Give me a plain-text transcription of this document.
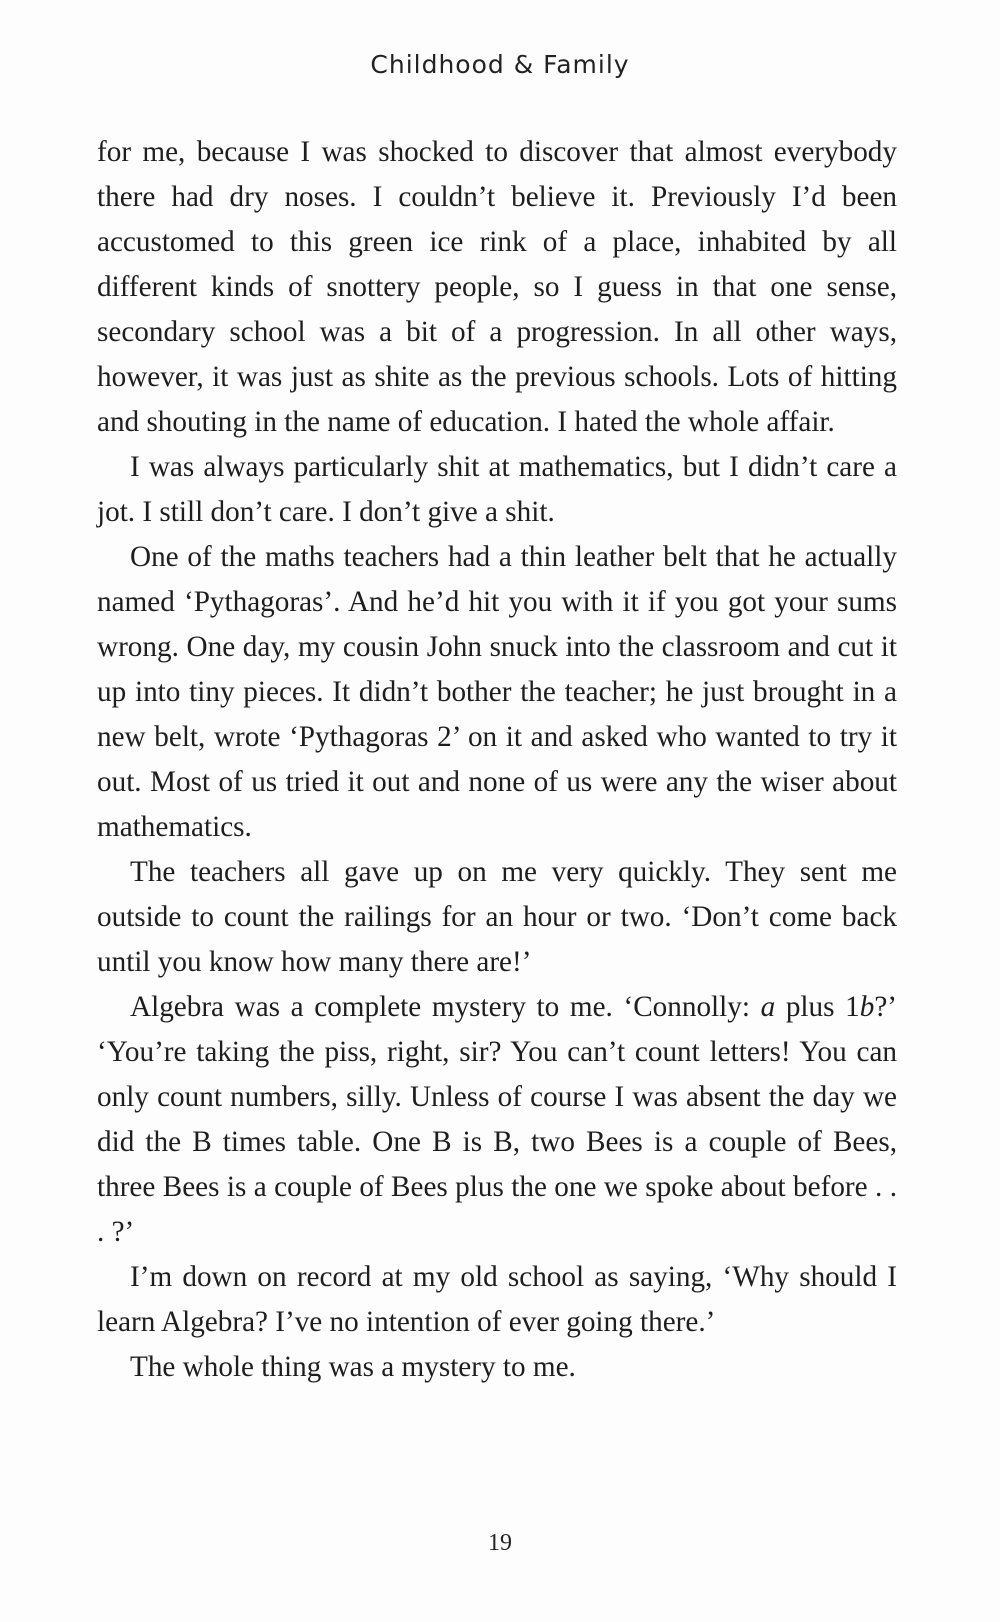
Childhood & Family

for me, because I was shocked to discover that almost everybody there had dry noses. I couldn’t believe it. Previously I’d been accustomed to this green ice rink of a place, inhabited by all different kinds of snottery people, so I guess in that one sense, secondary school was a bit of a progression. In all other ways, however, it was just as shite as the previous schools. Lots of hitting and shouting in the name of education. I hated the whole affair.

I was always particularly shit at mathematics, but I didn’t care a jot. I still don’t care. I don’t give a shit.

One of the maths teachers had a thin leather belt that he actually named ‘Pythagoras’. And he’d hit you with it if you got your sums wrong. One day, my cousin John snuck into the classroom and cut it up into tiny pieces. It didn’t bother the teacher; he just brought in a new belt, wrote ‘Pythagoras 2’ on it and asked who wanted to try it out. Most of us tried it out and none of us were any the wiser about mathematics.

The teachers all gave up on me very quickly. They sent me outside to count the railings for an hour or two. ‘Don’t come back until you know how many there are!’

Algebra was a complete mystery to me. ‘Connolly: a plus 1b?’ ‘You’re taking the piss, right, sir? You can’t count letters! You can only count numbers, silly. Unless of course I was absent the day we did the B times table. One B is B, two Bees is a couple of Bees, three Bees is a couple of Bees plus the one we spoke about before . . . ?’

I’m down on record at my old school as saying, ‘Why should I learn Algebra? I’ve no intention of ever going there.’

The whole thing was a mystery to me.

19
